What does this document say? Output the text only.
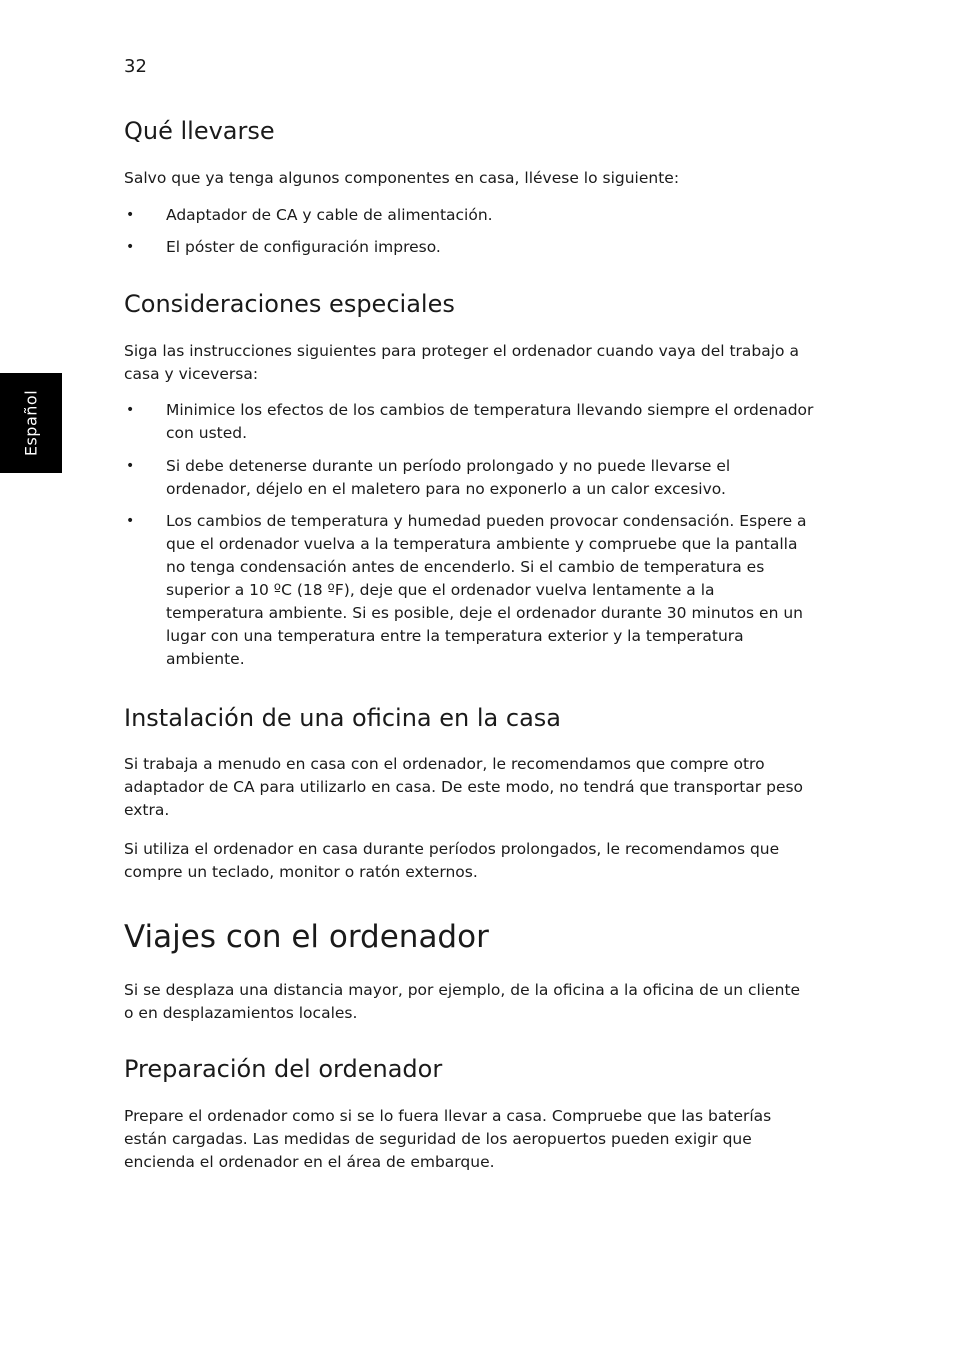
32
Español
Qué llevarse

Salvo que ya tenga algunos componentes en casa, llévese lo siguiente:

• Adaptador de CA y cable de alimentación.
• El póster de configuración impreso.
Consideraciones especiales

Siga las instrucciones siguientes para proteger el ordenador cuando vaya del trabajo a casa y viceversa:

• Minimice los efectos de los cambios de temperatura llevando siempre el ordenador con usted.
• Si debe detenerse durante un período prolongado y no puede llevarse el ordenador, déjelo en el maletero para no exponerlo a un calor excesivo.
• Los cambios de temperatura y humedad pueden provocar condensación. Espere a que el ordenador vuelva a la temperatura ambiente y compruebe que la pantalla no tenga condensación antes de encenderlo. Si el cambio de temperatura es superior a 10 ºC (18 ºF), deje que el ordenador vuelva lentamente a la temperatura ambiente. Si es posible, deje el ordenador durante 30 minutos en un lugar con una temperatura entre la temperatura exterior y la temperatura ambiente.
Instalación de una oficina en la casa

Si trabaja a menudo en casa con el ordenador, le recomendamos que compre otro adaptador de CA para utilizarlo en casa. De este modo, no tendrá que transportar peso extra.

Si utiliza el ordenador en casa durante períodos prolongados, le recomendamos que compre un teclado, monitor o ratón externos.

Viajes con el ordenador

Si se desplaza una distancia mayor, por ejemplo, de la oficina a la oficina de un cliente o en desplazamientos locales.

Preparación del ordenador

Prepare el ordenador como si se lo fuera llevar a casa. Compruebe que las baterías están cargadas. Las medidas de seguridad de los aeropuertos pueden exigir que encienda el ordenador en el área de embarque.
